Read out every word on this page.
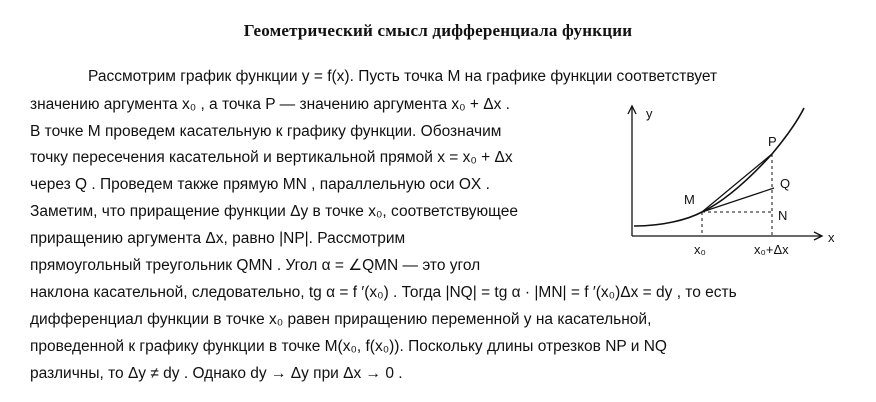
Геометрический смысл дифференциала функции
Рассмотрим график функции y = f(x). Пусть точка M на графике функции соответствует
значению аргумента x₀ , а точка P — значению аргумента x₀ + Δx .
В точке M проведем касательную к графику функции. Обозначим
точку пересечения касательной и вертикальной прямой x = x₀ + Δx
через Q . Проведем также прямую MN , параллельную оси OX .
Заметим, что приращение функции Δy в точке x₀, соответствующее
приращению аргумента Δx, равно |NP|. Рассмотрим
прямоугольный треугольник QMN . Угол α = ∠QMN — это угол
наклона касательной, следовательно, tg α = f ′(x₀) . Тогда |NQ| = tg α · |MN| = f ′(x₀)Δx = dy , то есть
дифференциал функции в точке x₀ равен приращению переменной y на касательной,
проведенной к графику функции в точке M(x₀, f(x₀)). Поскольку длины отрезков NP и NQ
различны, то Δy ≠ dy . Однако dy → Δy при Δx → 0 .
y
x
M
P
Q
N
x₀	x₀+Δx
